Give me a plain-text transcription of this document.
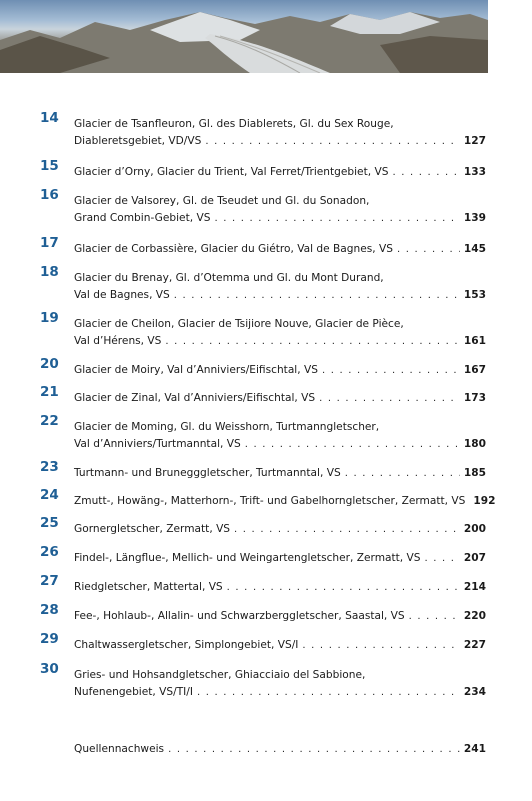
14 Glacier de Tsanfleuron, Gl. des Diablerets, Gl. du Sex Rouge,
Diableretsgebiet, VD/VS . . .	127
15 Glacier d’Orny, Glacier du Trient, Val Ferret/Trientgebiet, VS . . .	133
16 Glacier de Valsorey, Gl. de Tseudet und Gl. du Sonadon,
Grand Combin-Gebiet, VS . . .	139
17 Glacier de Corbassière, Glacier du Giétro, Val de Bagnes, VS . . .	145
18 Glacier du Brenay, Gl. d’Otemma und Gl. du Mont Durand,
Val de Bagnes, VS . . .	153
19 Glacier de Cheilon, Glacier de Tsijiore Nouve, Glacier de Pièce,
Val d’Hérens, VS . . .	161
20 Glacier de Moiry, Val d’Anniviers/Eifischtal, VS . . .	167
21 Glacier de Zinal, Val d’Anniviers/Eifischtal, VS . . .	173
22 Glacier de Moming, Gl. du Weisshorn, Turtmanngletscher,
Val d’Anniviers/Turtmanntal, VS . . .	180
23 Turtmann- und Brunegggletscher, Turtmanntal, VS . . .	185
24 Zmutt-, Howäng-, Matterhorn-, Trift- und Gabelhorngletscher, Zermatt, VS 192
25 Gornergletscher, Zermatt, VS . . .	200
26 Findel-, Längflue-, Mellich- und Weingartengletscher, Zermatt, VS . . .	207
27 Riedgletscher, Mattertal, VS . . .	214
28 Fee-, Hohlaub-, Allalin- und Schwarzberggletscher, Saastal, VS . . .	220
29 Chaltwassergletscher, Simplongebiet, VS/I . . .	227
30 Gries- und Hohsandgletscher, Ghiacciaio del Sabbione,
Nufenengebiet, VS/TI/I . . .	234
Quellennachweis . . .	241
